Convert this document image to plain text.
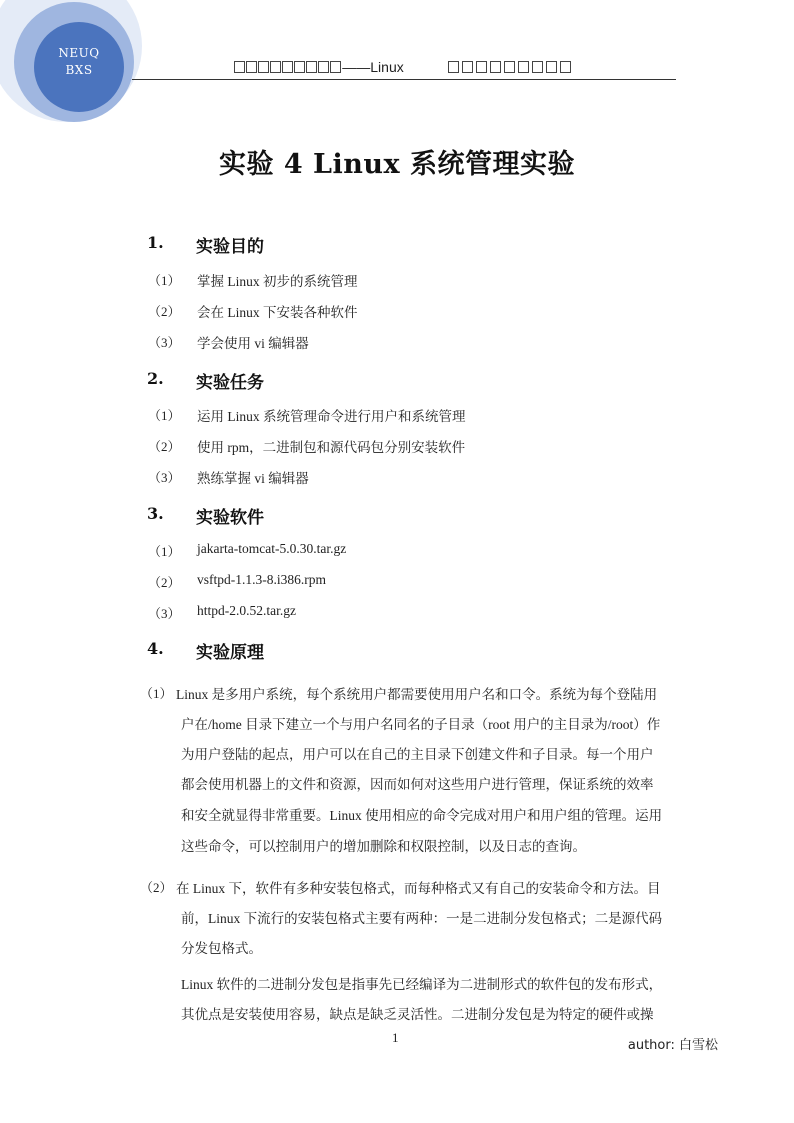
NEUQ
BXS	——Linux
实验 4 Linux 系统管理实验
1. 实验目的
（1） 掌握 Linux 初步的系统管理
（2） 会在 Linux 下安装各种软件
（3） 学会使用 vi 编辑器
2. 实验任务
（1） 运用 Linux 系统管理命令进行用户和系统管理
（2） 使用 rpm，二进制包和源代码包分别安装软件
（3） 熟练掌握 vi 编辑器
3. 实验软件
（1） jakarta-tomcat-5.0.30.tar.gz
（2） vsftpd-1.1.3-8.i386.rpm
（3） httpd-2.0.52.tar.gz
4. 实验原理
（1） Linux 是多用户系统，每个系统用户都需要使用用户名和口令。系统为每个登陆用
户在/home 目录下建立一个与用户名同名的子目录（root 用户的主目录为/root）作
为用户登陆的起点，用户可以在自己的主目录下创建文件和子目录。每一个用户
都会使用机器上的文件和资源，因而如何对这些用户进行管理，保证系统的效率
和安全就显得非常重要。Linux 使用相应的命令完成对用户和用户组的管理。运用
这些命令，可以控制用户的增加删除和权限控制，以及日志的查询。
（2） 在 Linux 下，软件有多种安装包格式，而每种格式又有自己的安装命令和方法。目
前，Linux 下流行的安装包格式主要有两种：一是二进制分发包格式；二是源代码
分发包格式。
Linux 软件的二进制分发包是指事先已经编译为二进制形式的软件包的发布形式，
其优点是安装使用容易，缺点是缺乏灵活性。二进制分发包是为特定的硬件或操
1
author: 白雪松
